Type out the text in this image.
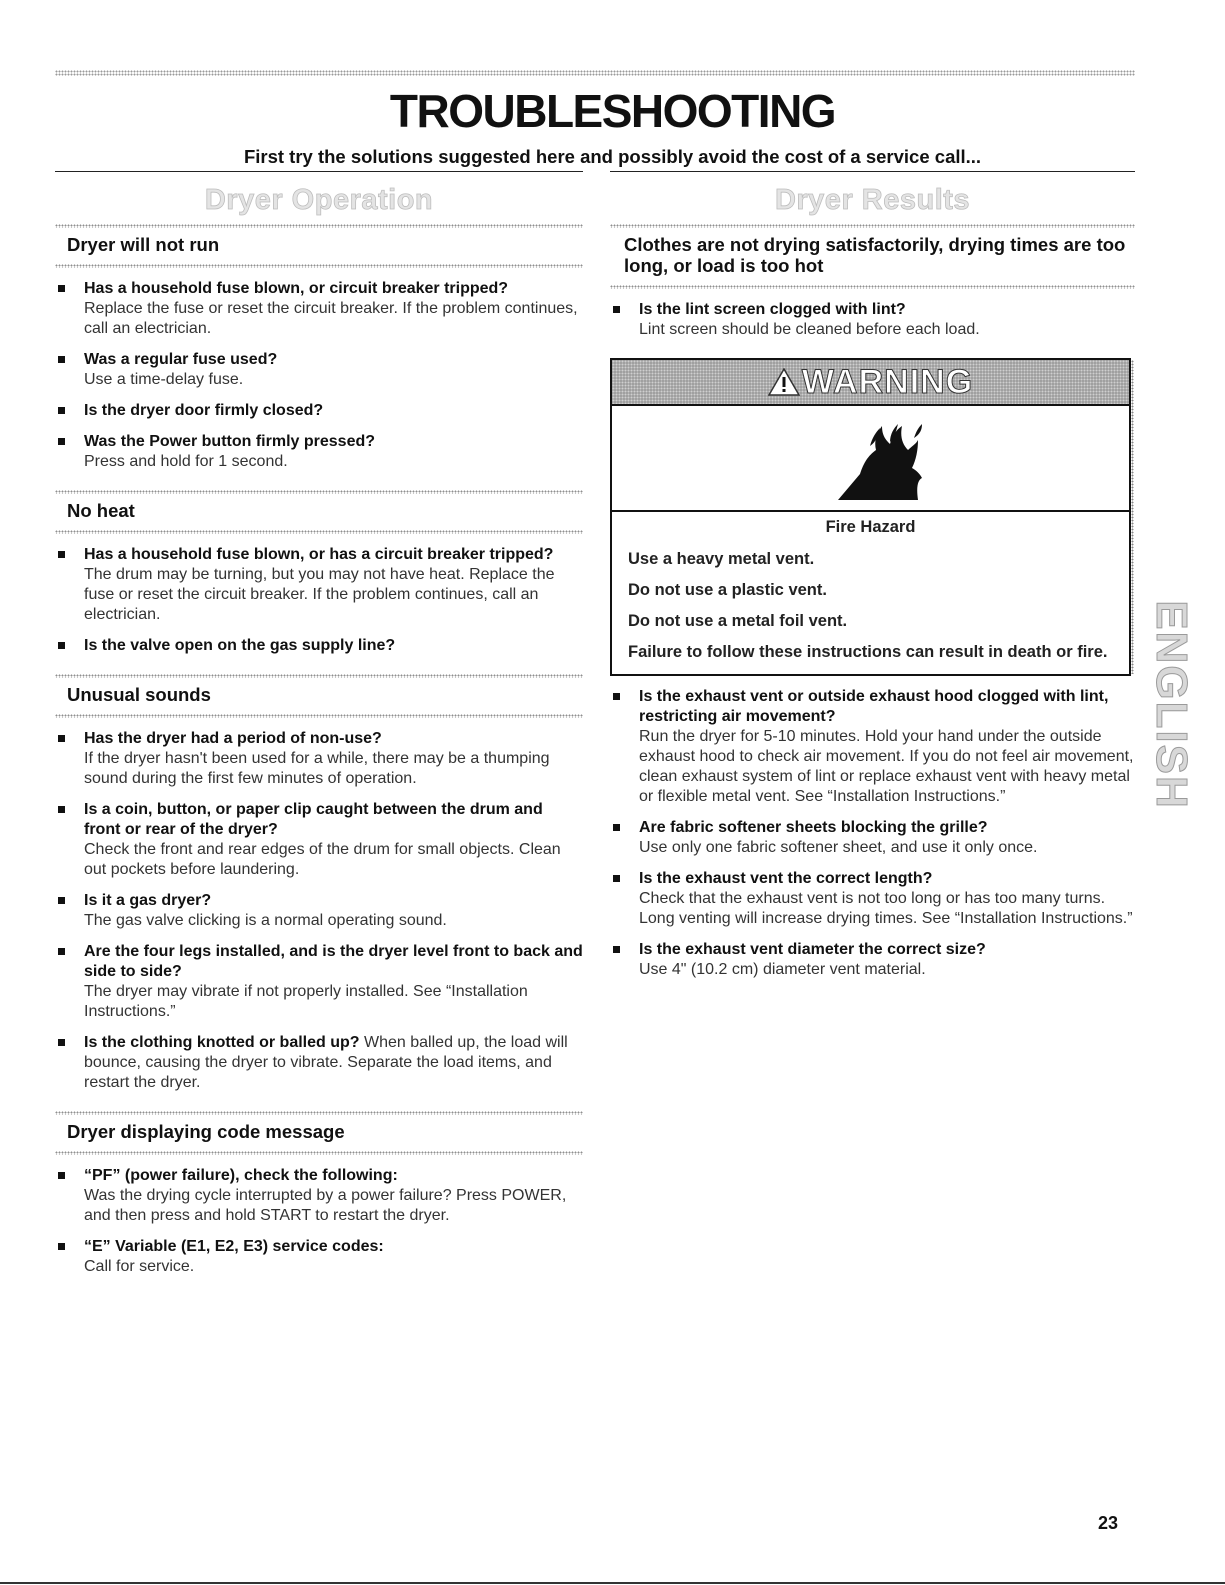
TROUBLESHOOTING
First try the solutions suggested here and possibly avoid the cost of a service call...
Dryer Operation
Dryer will not run
Has a household fuse blown, or circuit breaker tripped?
Replace the fuse or reset the circuit breaker. If the problem continues, call an electrician.
Was a regular fuse used?
Use a time-delay fuse.
Is the dryer door firmly closed?
Was the Power button firmly pressed?
Press and hold for 1 second.
No heat
Has a household fuse blown, or has a circuit breaker tripped?
The drum may be turning, but you may not have heat. Replace the fuse or reset the circuit breaker. If the problem continues, call an electrician.
Is the valve open on the gas supply line?
Unusual sounds
Has the dryer had a period of non-use?
If the dryer hasn't been used for a while, there may be a thumping sound during the first few minutes of operation.
Is a coin, button, or paper clip caught between the drum and front or rear of the dryer?
Check the front and rear edges of the drum for small objects. Clean out pockets before laundering.
Is it a gas dryer?
The gas valve clicking is a normal operating sound.
Are the four legs installed, and is the dryer level front to back and side to side?
The dryer may vibrate if not properly installed. See “Installation Instructions.”
Is the clothing knotted or balled up? When balled up, the load will bounce, causing the dryer to vibrate. Separate the load items, and restart the dryer.
Dryer displaying code message
“PF” (power failure), check the following:
Was the drying cycle interrupted by a power failure? Press POWER, and then press and hold START to restart the dryer.
“E” Variable (E1, E2, E3) service codes:
Call for service.
Dryer Results
Clothes are not drying satisfactorily, drying times are too long, or load is too hot
Is the lint screen clogged with lint?
Lint screen should be cleaned before each load.
WARNING
Fire Hazard
Use a heavy metal vent.
Do not use a plastic vent.
Do not use a metal foil vent.
Failure to follow these instructions can result in death or fire.
Is the exhaust vent or outside exhaust hood clogged with lint, restricting air movement?
Run the dryer for 5-10 minutes. Hold your hand under the outside exhaust hood to check air movement. If you do not feel air movement, clean exhaust system of lint or replace exhaust vent with heavy metal or flexible metal vent. See “Installation Instructions.”
Are fabric softener sheets blocking the grille?
Use only one fabric softener sheet, and use it only once.
Is the exhaust vent the correct length?
Check that the exhaust vent is not too long or has too many turns. Long venting will increase drying times. See “Installation Instructions.”
Is the exhaust vent diameter the correct size?
Use 4" (10.2 cm) diameter vent material.
ENGLISH
23
